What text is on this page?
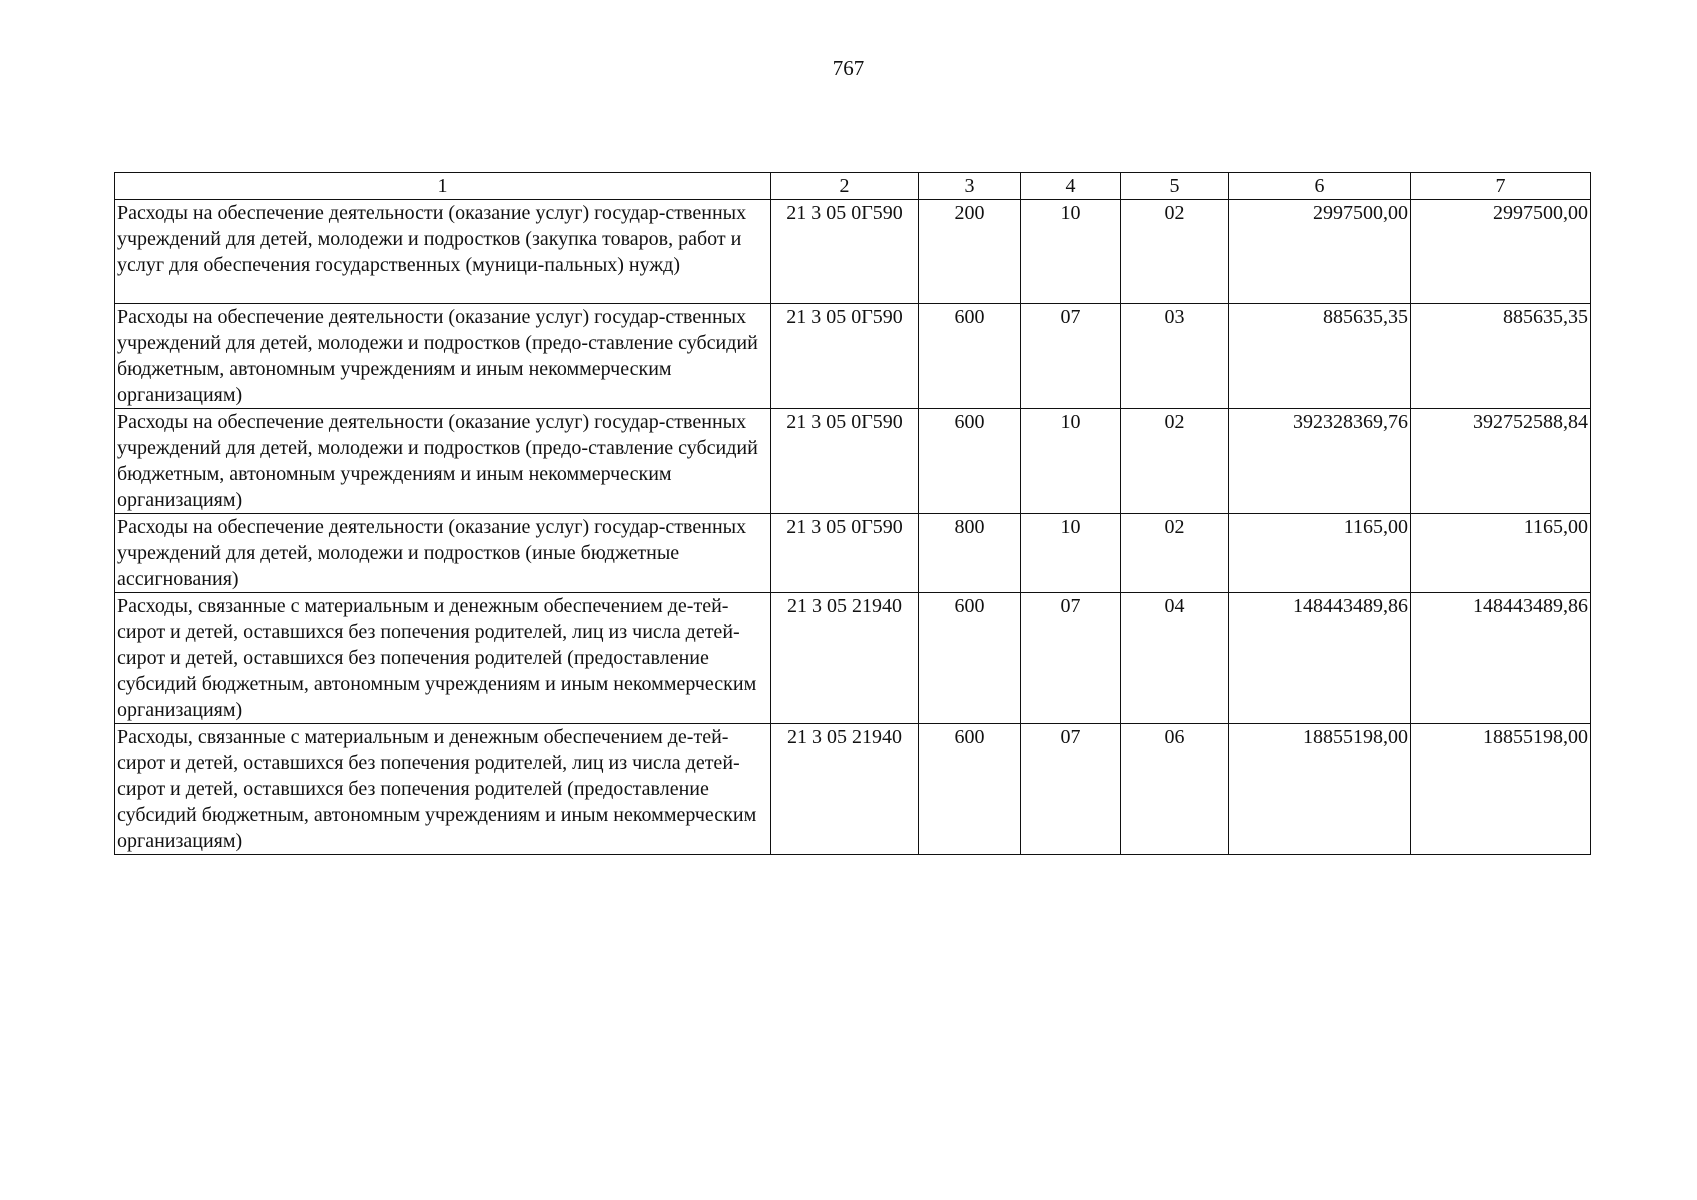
767
1	2	3	4	5	6	7
Расходы на обеспечение деятельности (оказание услуг) государ-ственных учреждений для детей, молодежи и подростков (закупка товаров, работ и услуг для обеспечения государственных (муници-пальных) нужд)	21 3 05 0Г590	200	10	02	2997500,00	2997500,00
Расходы на обеспечение деятельности (оказание услуг) государ-ственных учреждений для детей, молодежи и подростков (предо-ставление субсидий бюджетным, автономным учреждениям и иным некоммерческим организациям)	21 3 05 0Г590	600	07	03	885635,35	885635,35
Расходы на обеспечение деятельности (оказание услуг) государ-ственных учреждений для детей, молодежи и подростков (предо-ставление субсидий бюджетным, автономным учреждениям и иным некоммерческим организациям)	21 3 05 0Г590	600	10	02	392328369,76	392752588,84
Расходы на обеспечение деятельности (оказание услуг) государ-ственных учреждений для детей, молодежи и подростков (иные бюджетные ассигнования)	21 3 05 0Г590	800	10	02	1165,00	1165,00
Расходы, связанные с материальным и денежным обеспечением де-тей-сирот и детей, оставшихся без попечения родителей, лиц из числа детей-сирот и детей, оставшихся без попечения родителей (предоставление субсидий бюджетным, автономным учреждениям и иным некоммерческим организациям)	21 3 05 21940	600	07	04	148443489,86	148443489,86
Расходы, связанные с материальным и денежным обеспечением де-тей-сирот и детей, оставшихся без попечения родителей, лиц из числа детей-сирот и детей, оставшихся без попечения родителей (предоставление субсидий бюджетным, автономным учреждениям и иным некоммерческим организациям)	21 3 05 21940	600	07	06	18855198,00	18855198,00
